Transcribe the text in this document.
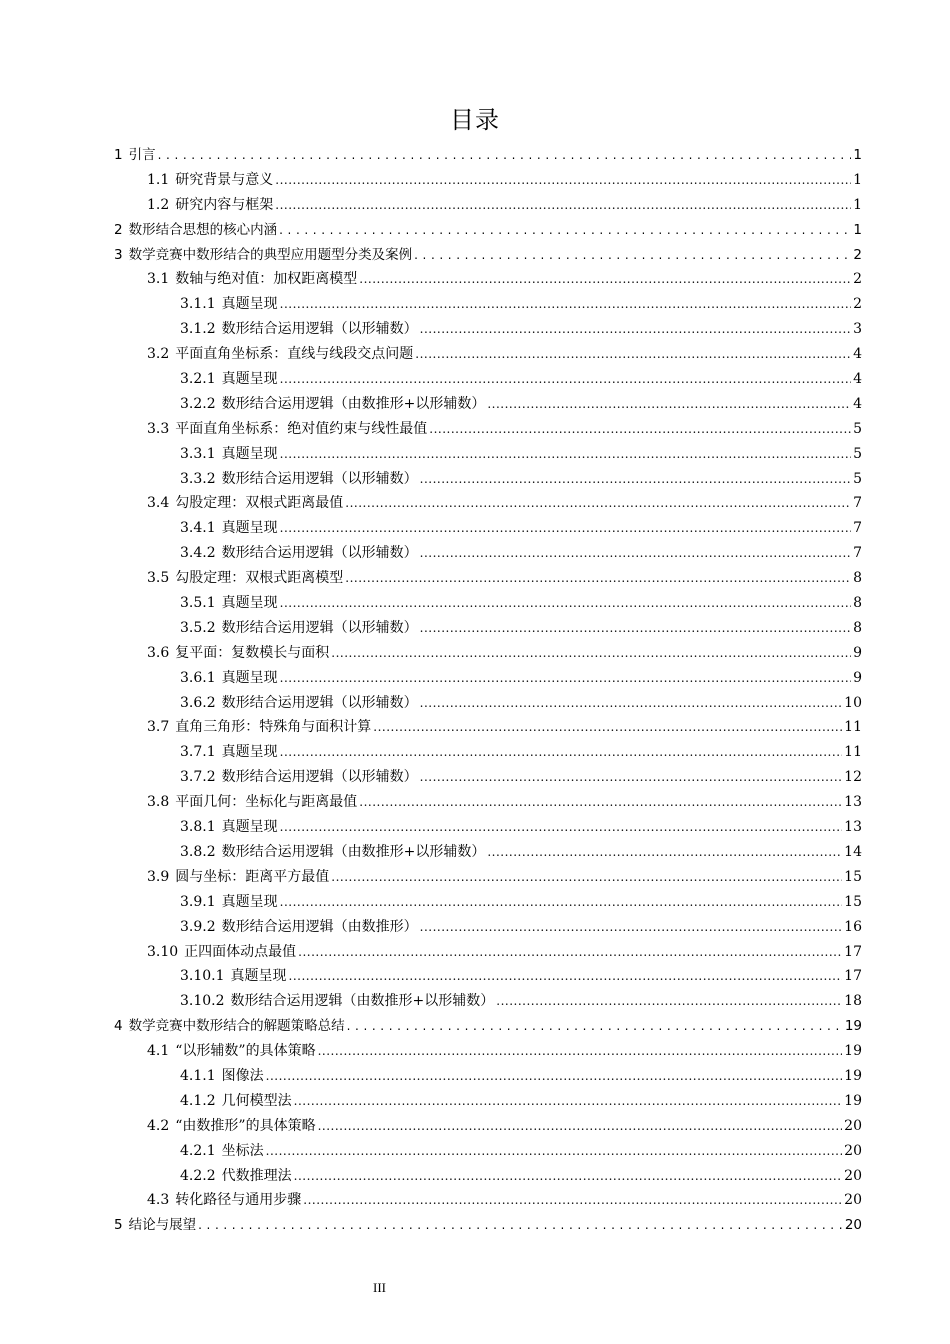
目录
1 引言 . . .	1
1.1 研究背景与意义 .....	1
1.2 研究内容与框架 .....	1
2 数形结合思想的核心内涵 . . .	1
3 数学竞赛中数形结合的典型应用题型分类及案例 . . .	2
3.1 数轴与绝对值：加权距离模型 .....	2
3.1.1 真题呈现 .....	2
3.1.2 数形结合运用逻辑（以形辅数） .....	3
3.2 平面直角坐标系：直线与线段交点问题 .....	4
3.2.1 真题呈现 .....	4
3.2.2 数形结合运用逻辑（由数推形+以形辅数） .....	4
3.3 平面直角坐标系：绝对值约束与线性最值 .....	5
3.3.1 真题呈现 .....	5
3.3.2 数形结合运用逻辑（以形辅数） .....	5
3.4 勾股定理：双根式距离最值 .....	7
3.4.1 真题呈现 .....	7
3.4.2 数形结合运用逻辑（以形辅数） .....	7
3.5 勾股定理：双根式距离模型 .....	8
3.5.1 真题呈现 .....	8
3.5.2 数形结合运用逻辑（以形辅数） .....	8
3.6 复平面：复数模长与面积 .....	9
3.6.1 真题呈现 .....	9
3.6.2 数形结合运用逻辑（以形辅数） .....	10
3.7 直角三角形：特殊角与面积计算 .....	11
3.7.1 真题呈现 .....	11
3.7.2 数形结合运用逻辑（以形辅数） .....	12
3.8 平面几何：坐标化与距离最值 .....	13
3.8.1 真题呈现 .....	13
3.8.2 数形结合运用逻辑（由数推形+以形辅数） .....	14
3.9 圆与坐标：距离平方最值 .....	15
3.9.1 真题呈现 .....	15
3.9.2 数形结合运用逻辑（由数推形） .....	16
3.10 正四面体动点最值 .....	17
3.10.1 真题呈现 .....	17
3.10.2 数形结合运用逻辑（由数推形+以形辅数） .....	18
4 数学竞赛中数形结合的解题策略总结 . . .	19
4.1 “以形辅数”的具体策略 .....	19
4.1.1 图像法 .....	19
4.1.2 几何模型法 .....	19
4.2 “由数推形”的具体策略 .....	20
4.2.1 坐标法 .....	20
4.2.2 代数推理法 .....	20
4.3 转化路径与通用步骤 .....	20
5 结论与展望 . . .	20
III
